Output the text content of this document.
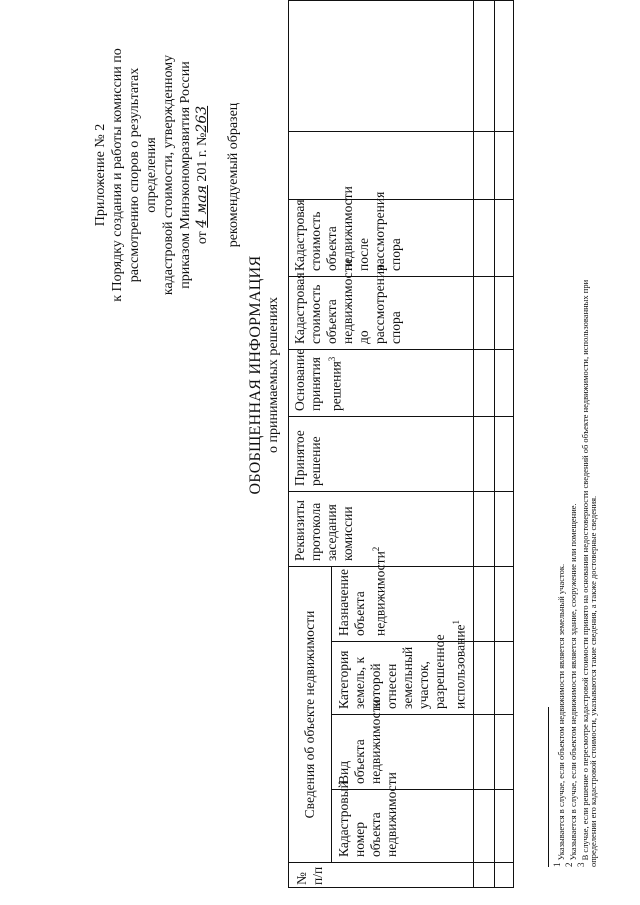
Приложение № 2 к Порядку создания и работы комиссии по рассмотрению споров о результатах определения кадастровой стоимости, утвержденному приказом Минэкономразвития России от 4 мая 201 г. №263 рекомендуемый образец
ОБОБЩЕННАЯ ИНФОРМАЦИЯ о принимаемых решениях
№ п/п
Сведения об объекте недвижимости
Кадастровый номер объекта недвижимости
Вид объекта недвижимости
Категория земель, к которой отнесен земельный участок, разрешенное использование$^1$
Назначение объекта недвижимости$^2$
Реквизиты протокола заседания комиссии
Принятое решение
Основание принятия решения$^3$
Кадастровая стоимость объекта недвижимости до рассмотрения спора
Кадастровая стоимость объекта недвижимости после рассмотрения спора
$^1$ Указывается в случае, если объектом недвижимости является земельный участок.
$^2$ Указывается в случае, если объектом недвижимости является здание, сооружение или помещение.
$^3$ В случае, если решение о пересмотре кадастровой стоимости принято на основании недостоверности сведений об объекте недвижимости, использованных при
определении его кадастровой стоимости, указываются такие сведения, а также достоверные сведения.
